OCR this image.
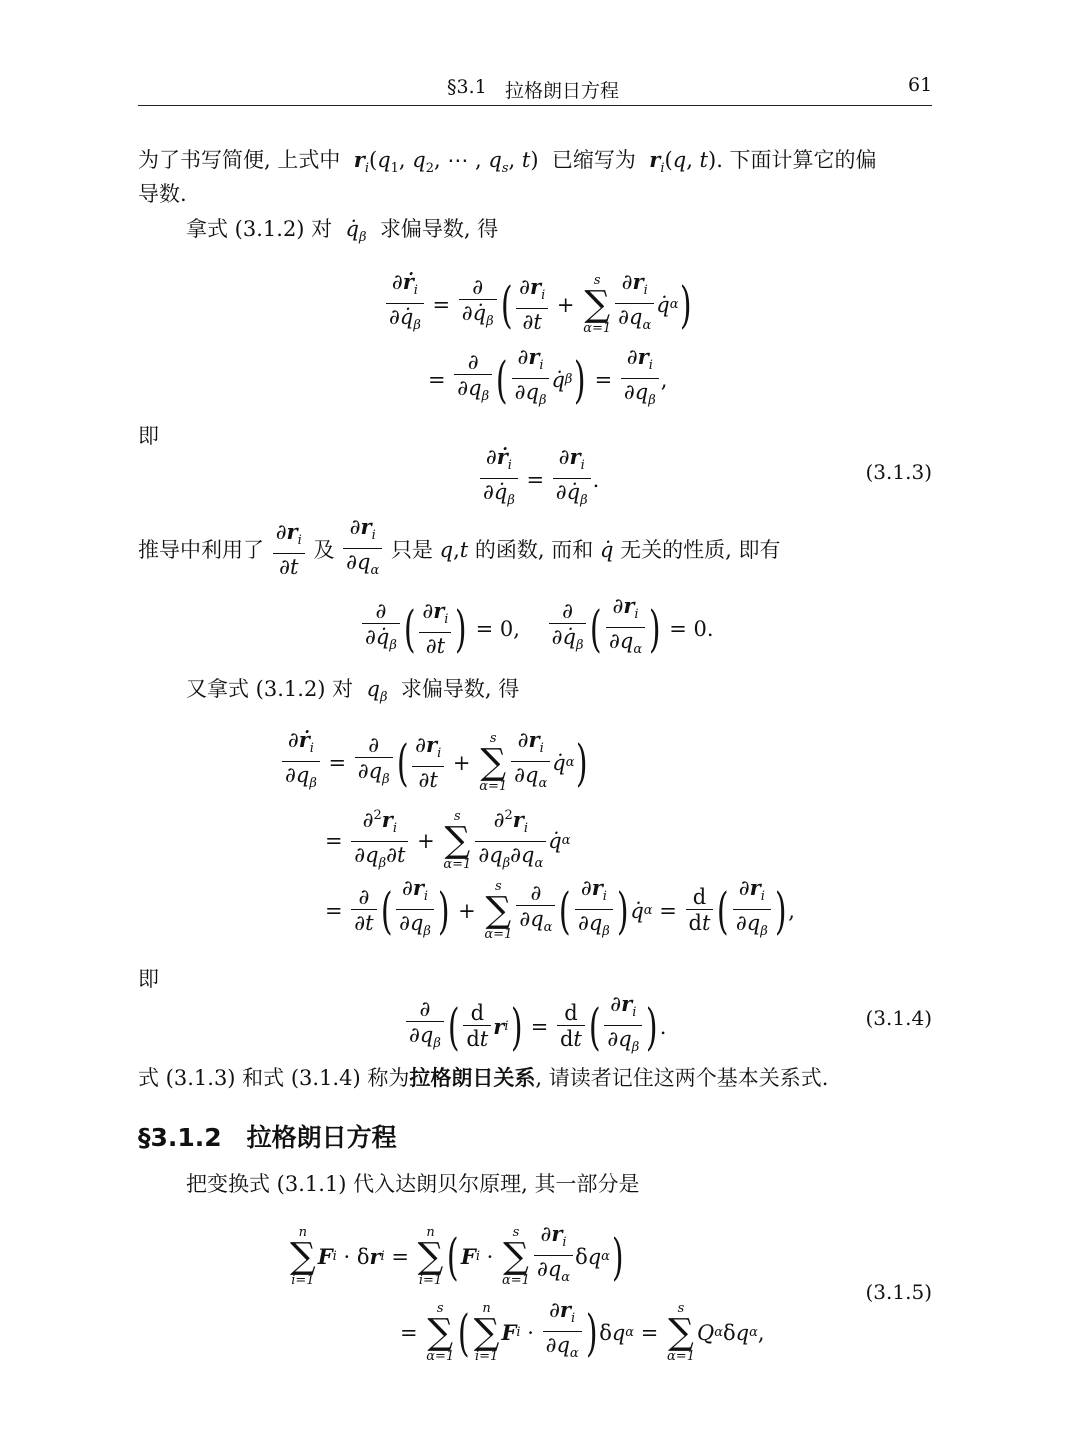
§3.1 拉格朗日方程	61
为了书写简便, 上式中 $r_i(q_1$, $q_2$, ⋯ , $q_s$, t)  已缩写为 $r_i(q$, t). 下面计算它的偏
导数.
拿式 (3.1.2) 对 $q̇_\beta$ 求偏导数, 得
$\frac{\partial ṙ_i}{\partial q̇_\beta} = \frac{\partial}{\partial q̇_\beta}$ ( $\frac{\partial r_i}{\partial t}$ +
s
∑
$\alpha=1 \frac{\partial r_i}{\partial q_\alpha}$ q̇ α )
= $\frac{\partial}{\partial q_\beta}$ ( $\frac{\partial r_i}{\partial q_\beta}$ q̇ β ) = $\frac{\partial r_i}{\partial q_\beta}$ ,
即
$\frac{\partial ṙ_i}{\partial q̇_\beta} = \frac{\partial r_i}{\partial q̇_\beta}$ .	(3.1.3)
推导中利用了
$\frac{\partial r_i}{\partial t}$
及
$\frac{\partial r_i}{\partial q_\alpha}$
只是
q , t
的函数, 而和
q̇
无关的性质, 即有
$\frac{\partial}{\partial q̇_\beta}$ ( $\frac{\partial r_i}{\partial t}$ ) = 0, $\frac{\partial}{\partial q̇_\beta}$ ( $\frac{\partial r_i}{\partial q_\alpha}$ ) = 0.
又拿式 (3.1.2) 对 $q_\beta$ 求偏导数, 得
$\frac{\partial ṙ_i}{\partial q_\beta} = \frac{\partial}{\partial q_\beta}$ ( $\frac{\partial r_i}{\partial t}$ +
s
∑
$\alpha=1 \frac{\partial r_i}{\partial q_\alpha}$ q̇ α )
= $\frac{\partial^2r_i}{\partial q_\beta\partial t}$ +
s
∑
$\alpha=1 \frac{\partial^2r_i}{\partial q_\beta\partial q_\alpha}$ q̇ α
= $\frac{\partial}{\partial t}$ ( $\frac{\partial r_i}{\partial q_\beta}$ ) +
s
∑
$\alpha=1 \frac{\partial}{\partial q_\alpha}$ ( $\frac{\partial r_i}{\partial q_\beta}$ ) q̇ $\alpha = \frac{d}{dt}$ ( $\frac{\partial r_i}{\partial q_\beta}$ ) ,
即
$\frac{\partial}{\partial q_\beta}$ ( $\frac{d}{dt}$ r i ) = $\frac{d}{dt}$ ( $\frac{\partial r_i}{\partial q_\beta}$ ) .	(3.1.4)
式 (3.1.3) 和式 (3.1.4) 称为拉格朗日关系, 请读者记住这两个基本关系式.
§3.1.2　拉格朗日方程
把变换式 (3.1.1) 代入达朗贝尔原理, 其一部分是
n
∑
i=1
F i · δ r i =
n
∑
i=1 ( F i ·
s
∑
$\alpha=1 \frac{\partial r_i}{\partial q_\alpha}$ δ q α )
=
s
∑
α=1 ( n
∑
i=1
F $i \cdot \frac{\partial r_i}{\partial q_\alpha}$ ) δ q α =
s
∑
α=1
Q α δ q α ,
(3.1.5)
